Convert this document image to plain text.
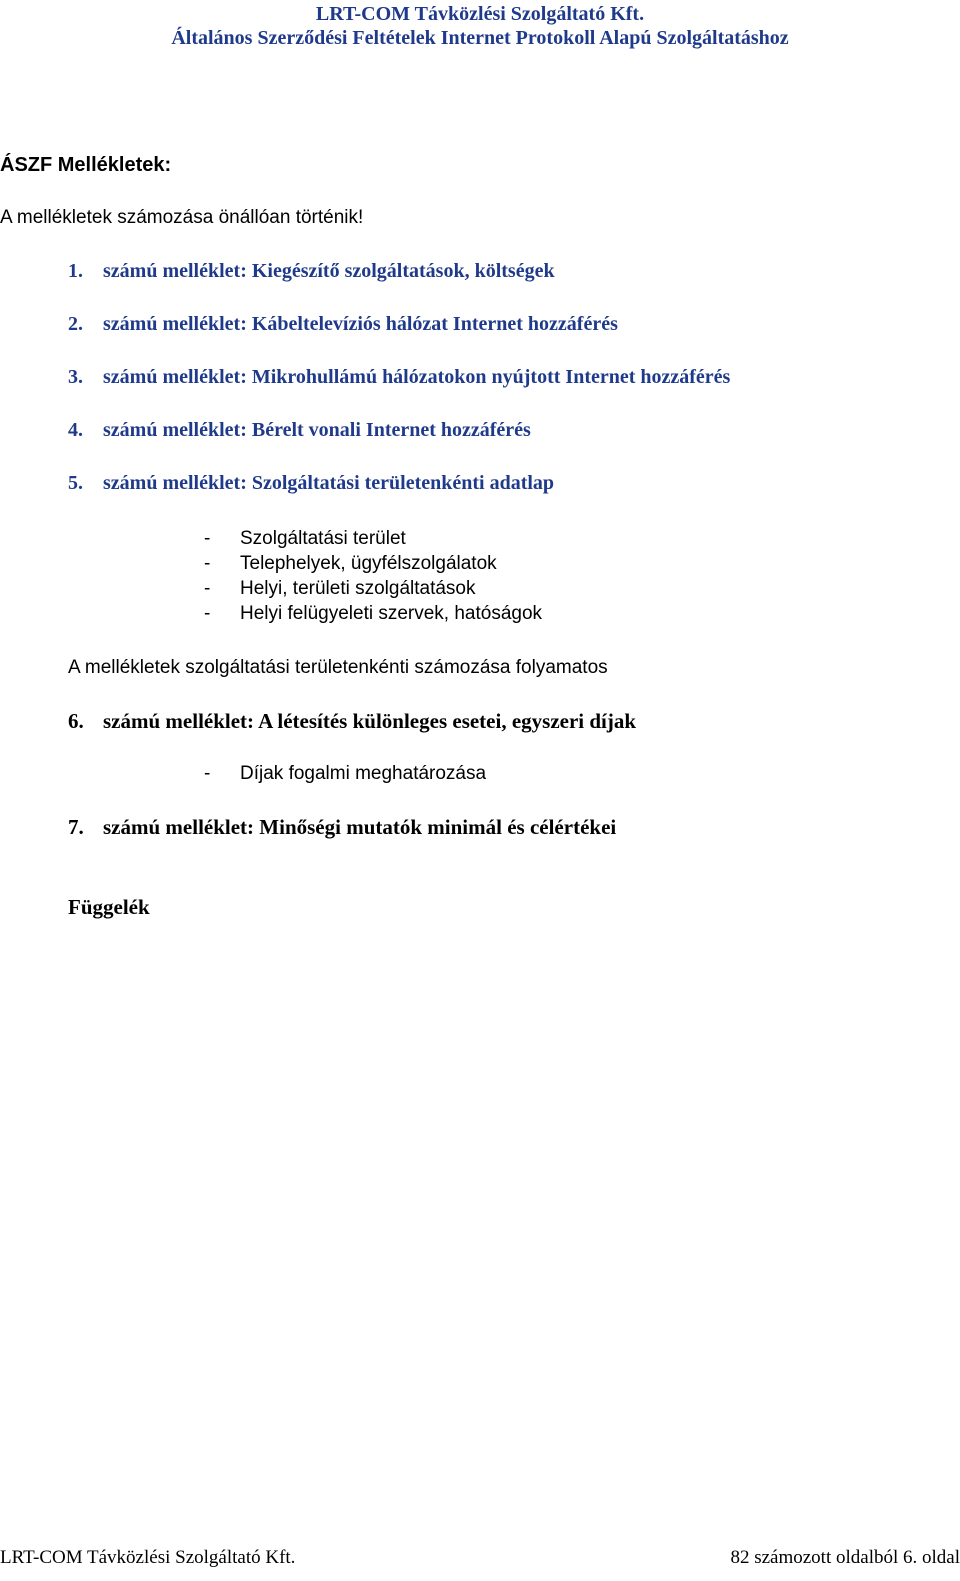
LRT-COM Távközlési Szolgáltató Kft.
Általános Szerződési Feltételek Internet Protokoll Alapú Szolgáltatáshoz
ÁSZF Mellékletek:
A mellékletek számozása önállóan történik!
1. számú melléklet: Kiegészítő szolgáltatások, költségek
2. számú melléklet: Kábeltelevíziós hálózat Internet hozzáférés
3. számú melléklet: Mikrohullámú hálózatokon nyújtott Internet hozzáférés
4. számú melléklet: Bérelt vonali Internet hozzáférés
5. számú melléklet: Szolgáltatási területenkénti adatlap
- Szolgáltatási terület
- Telephelyek, ügyfélszolgálatok
- Helyi, területi szolgáltatások
- Helyi felügyeleti szervek, hatóságok
A mellékletek szolgáltatási területenkénti számozása folyamatos
6. számú melléklet: A létesítés különleges esetei, egyszeri díjak
- Díjak fogalmi meghatározása
7. számú melléklet: Minőségi mutatók minimál és célértékei
Függelék
LRT-COM Távközlési Szolgáltató Kft.	82 számozott oldalból 6. oldal
